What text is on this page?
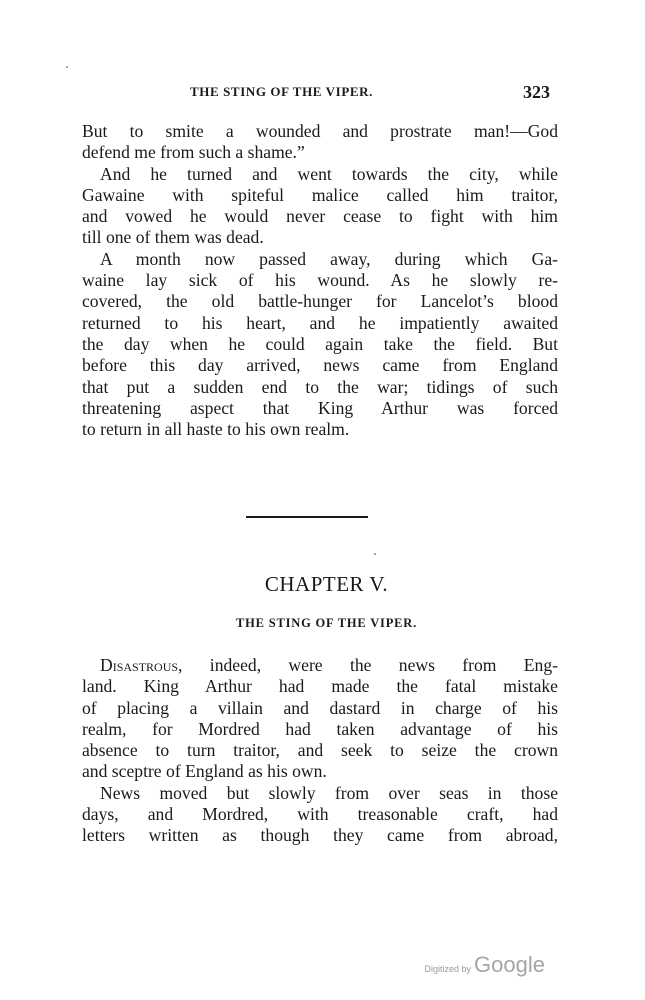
THE STING OF THE VIPER.	323
But to smite a wounded and prostrate man!—God
defend me from such a shame.”
And he turned and went towards the city, while
Gawaine with spiteful malice called him traitor,
and vowed he would never cease to fight with him
till one of them was dead.
A month now passed away, during which Ga-
waine lay sick of his wound. As he slowly re-
covered, the old battle-hunger for Lancelot’s blood
returned to his heart, and he impatiently awaited
the day when he could again take the field. But
before this day arrived, news came from England
that put a sudden end to the war; tidings of such
threatening aspect that King Arthur was forced
to return in all haste to his own realm.
CHAPTER V.
THE STING OF THE VIPER.
Disastrous, indeed, were the news from Eng-
land. King Arthur had made the fatal mistake
of placing a villain and dastard in charge of his
realm, for Mordred had taken advantage of his
absence to turn traitor, and seek to seize the crown
and sceptre of England as his own.
News moved but slowly from over seas in those
days, and Mordred, with treasonable craft, had
letters written as though they came from abroad,
Digitized by Google
